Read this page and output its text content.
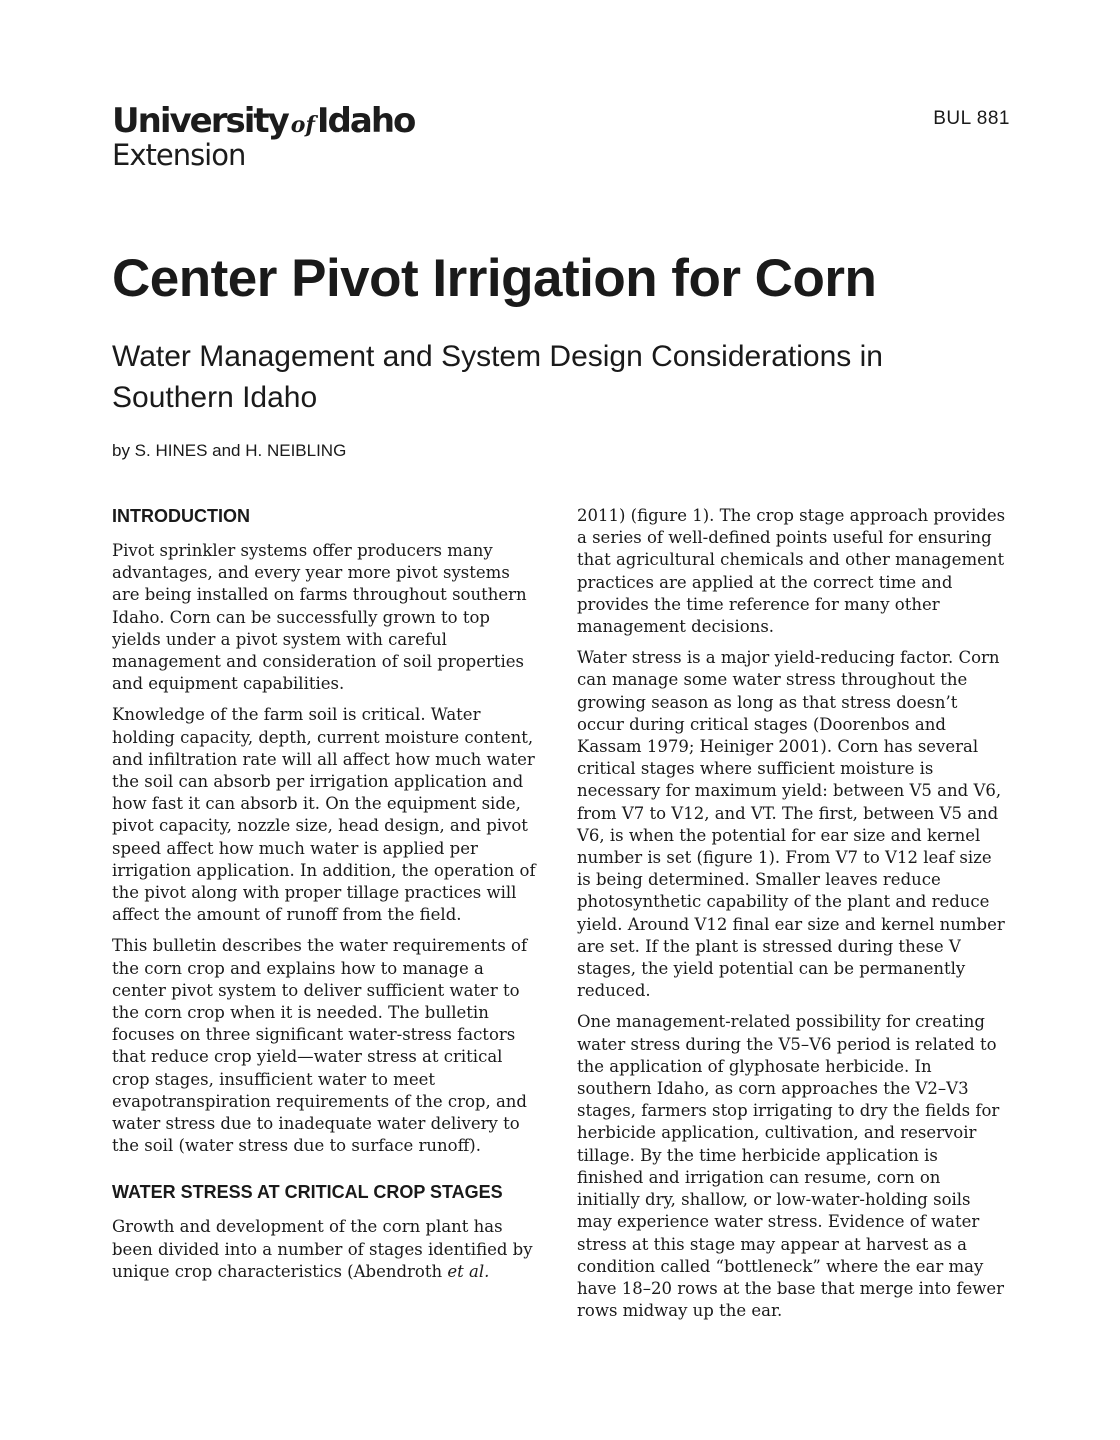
University ofIdaho
Extension
BUL 881
Center Pivot Irrigation for Corn
Water Management and System Design Considerations in Southern Idaho
by S. HINES and H. NEIBLING
INTRODUCTION

Pivot sprinkler systems offer producers many advantages, and every year more pivot systems are being installed on farms throughout southern Idaho. Corn can be successfully grown to top yields under a pivot system with careful management and consideration of soil properties and equipment capabilities.

Knowledge of the farm soil is critical. Water holding capacity, depth, current moisture content, and infiltration rate will all affect how much water the soil can absorb per irrigation application and how fast it can absorb it. On the equipment side, pivot capacity, nozzle size, head design, and pivot speed affect how much water is applied per irrigation application. In addition, the operation of the pivot along with proper tillage practices will affect the amount of runoff from the field.

This bulletin describes the water requirements of the corn crop and explains how to manage a center pivot system to deliver sufficient water to the corn crop when it is needed. The bulletin focuses on three significant water-stress factors that reduce crop yield—water stress at critical crop stages, insufficient water to meet evapotranspiration requirements of the crop, and water stress due to inadequate water delivery to the soil (water stress due to surface runoff).

WATER STRESS AT CRITICAL CROP STAGES

Growth and development of the corn plant has been divided into a number of stages identified by unique crop characteristics (Abendroth et al.

2011) (figure 1). The crop stage approach provides a series of well-defined points useful for ensuring that agricultural chemicals and other management practices are applied at the correct time and provides the time reference for many other management decisions.

Water stress is a major yield-reducing factor. Corn can manage some water stress throughout the growing season as long as that stress doesn’t occur during critical stages (Doorenbos and Kassam 1979; Heiniger 2001). Corn has several critical stages where sufficient moisture is necessary for maximum yield: between V5 and V6, from V7 to V12, and VT. The first, between V5 and V6, is when the potential for ear size and kernel number is set (figure 1). From V7 to V12 leaf size is being determined. Smaller leaves reduce photosynthetic capability of the plant and reduce yield. Around V12 final ear size and kernel number are set. If the plant is stressed during these V stages, the yield potential can be permanently reduced.

One management-related possibility for creating water stress during the V5–V6 period is related to the application of glyphosate herbicide. In southern Idaho, as corn approaches the V2–V3 stages, farmers stop irrigating to dry the fields for herbicide application, cultivation, and reservoir tillage. By the time herbicide application is finished and irrigation can resume, corn on initially dry, shallow, or low-water-holding soils may experience water stress. Evidence of water stress at this stage may appear at harvest as a condition called “bottleneck” where the ear may have 18–20 rows at the base that merge into fewer rows midway up the ear.
